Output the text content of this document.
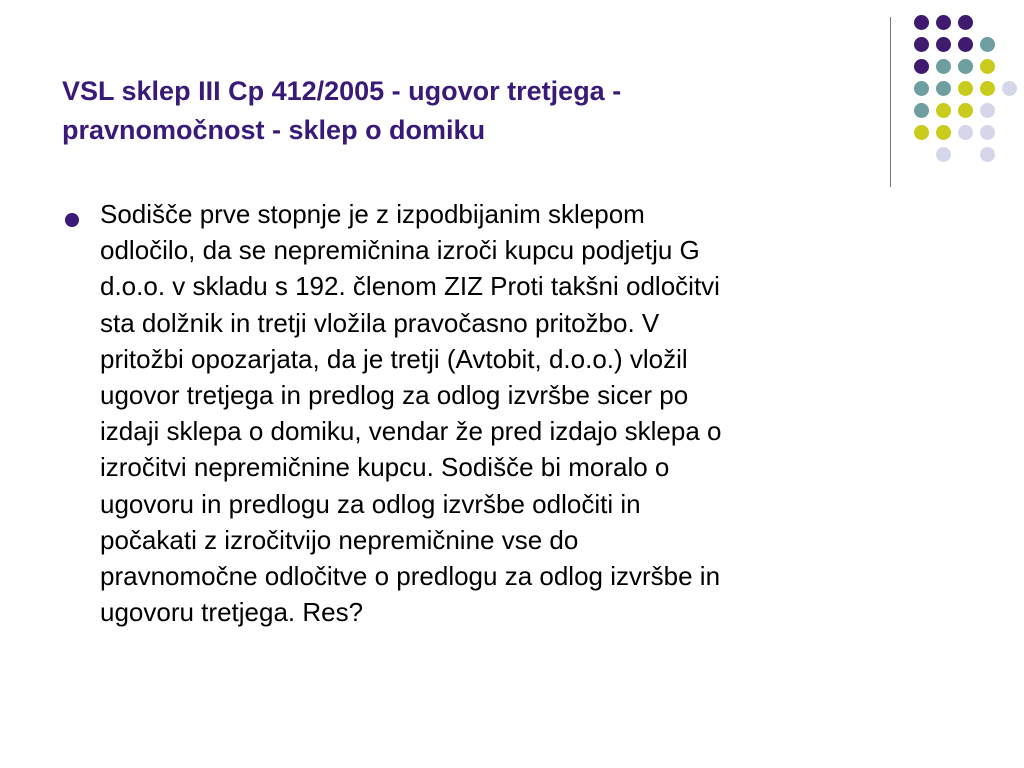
VSL sklep III Cp 412/2005 - ugovor tretjega -
pravnomočnost - sklep o domiku
Sodišče prve stopnje je z izpodbijanim sklepom
odločilo, da se nepremičnina izroči kupcu podjetju G
d.o.o. v skladu s 192. členom ZIZ Proti takšni odločitvi
sta dolžnik in tretji vložila pravočasno pritožbo. V
pritožbi opozarjata, da je tretji (Avtobit, d.o.o.) vložil
ugovor tretjega in predlog za odlog izvršbe sicer po
izdaji sklepa o domiku, vendar že pred izdajo sklepa o
izročitvi nepremičnine kupcu. Sodišče bi moralo o
ugovoru in predlogu za odlog izvršbe odločiti in
počakati z izročitvijo nepremičnine vse do
pravnomočne odločitve o predlogu za odlog izvršbe in
ugovoru tretjega. Res?
